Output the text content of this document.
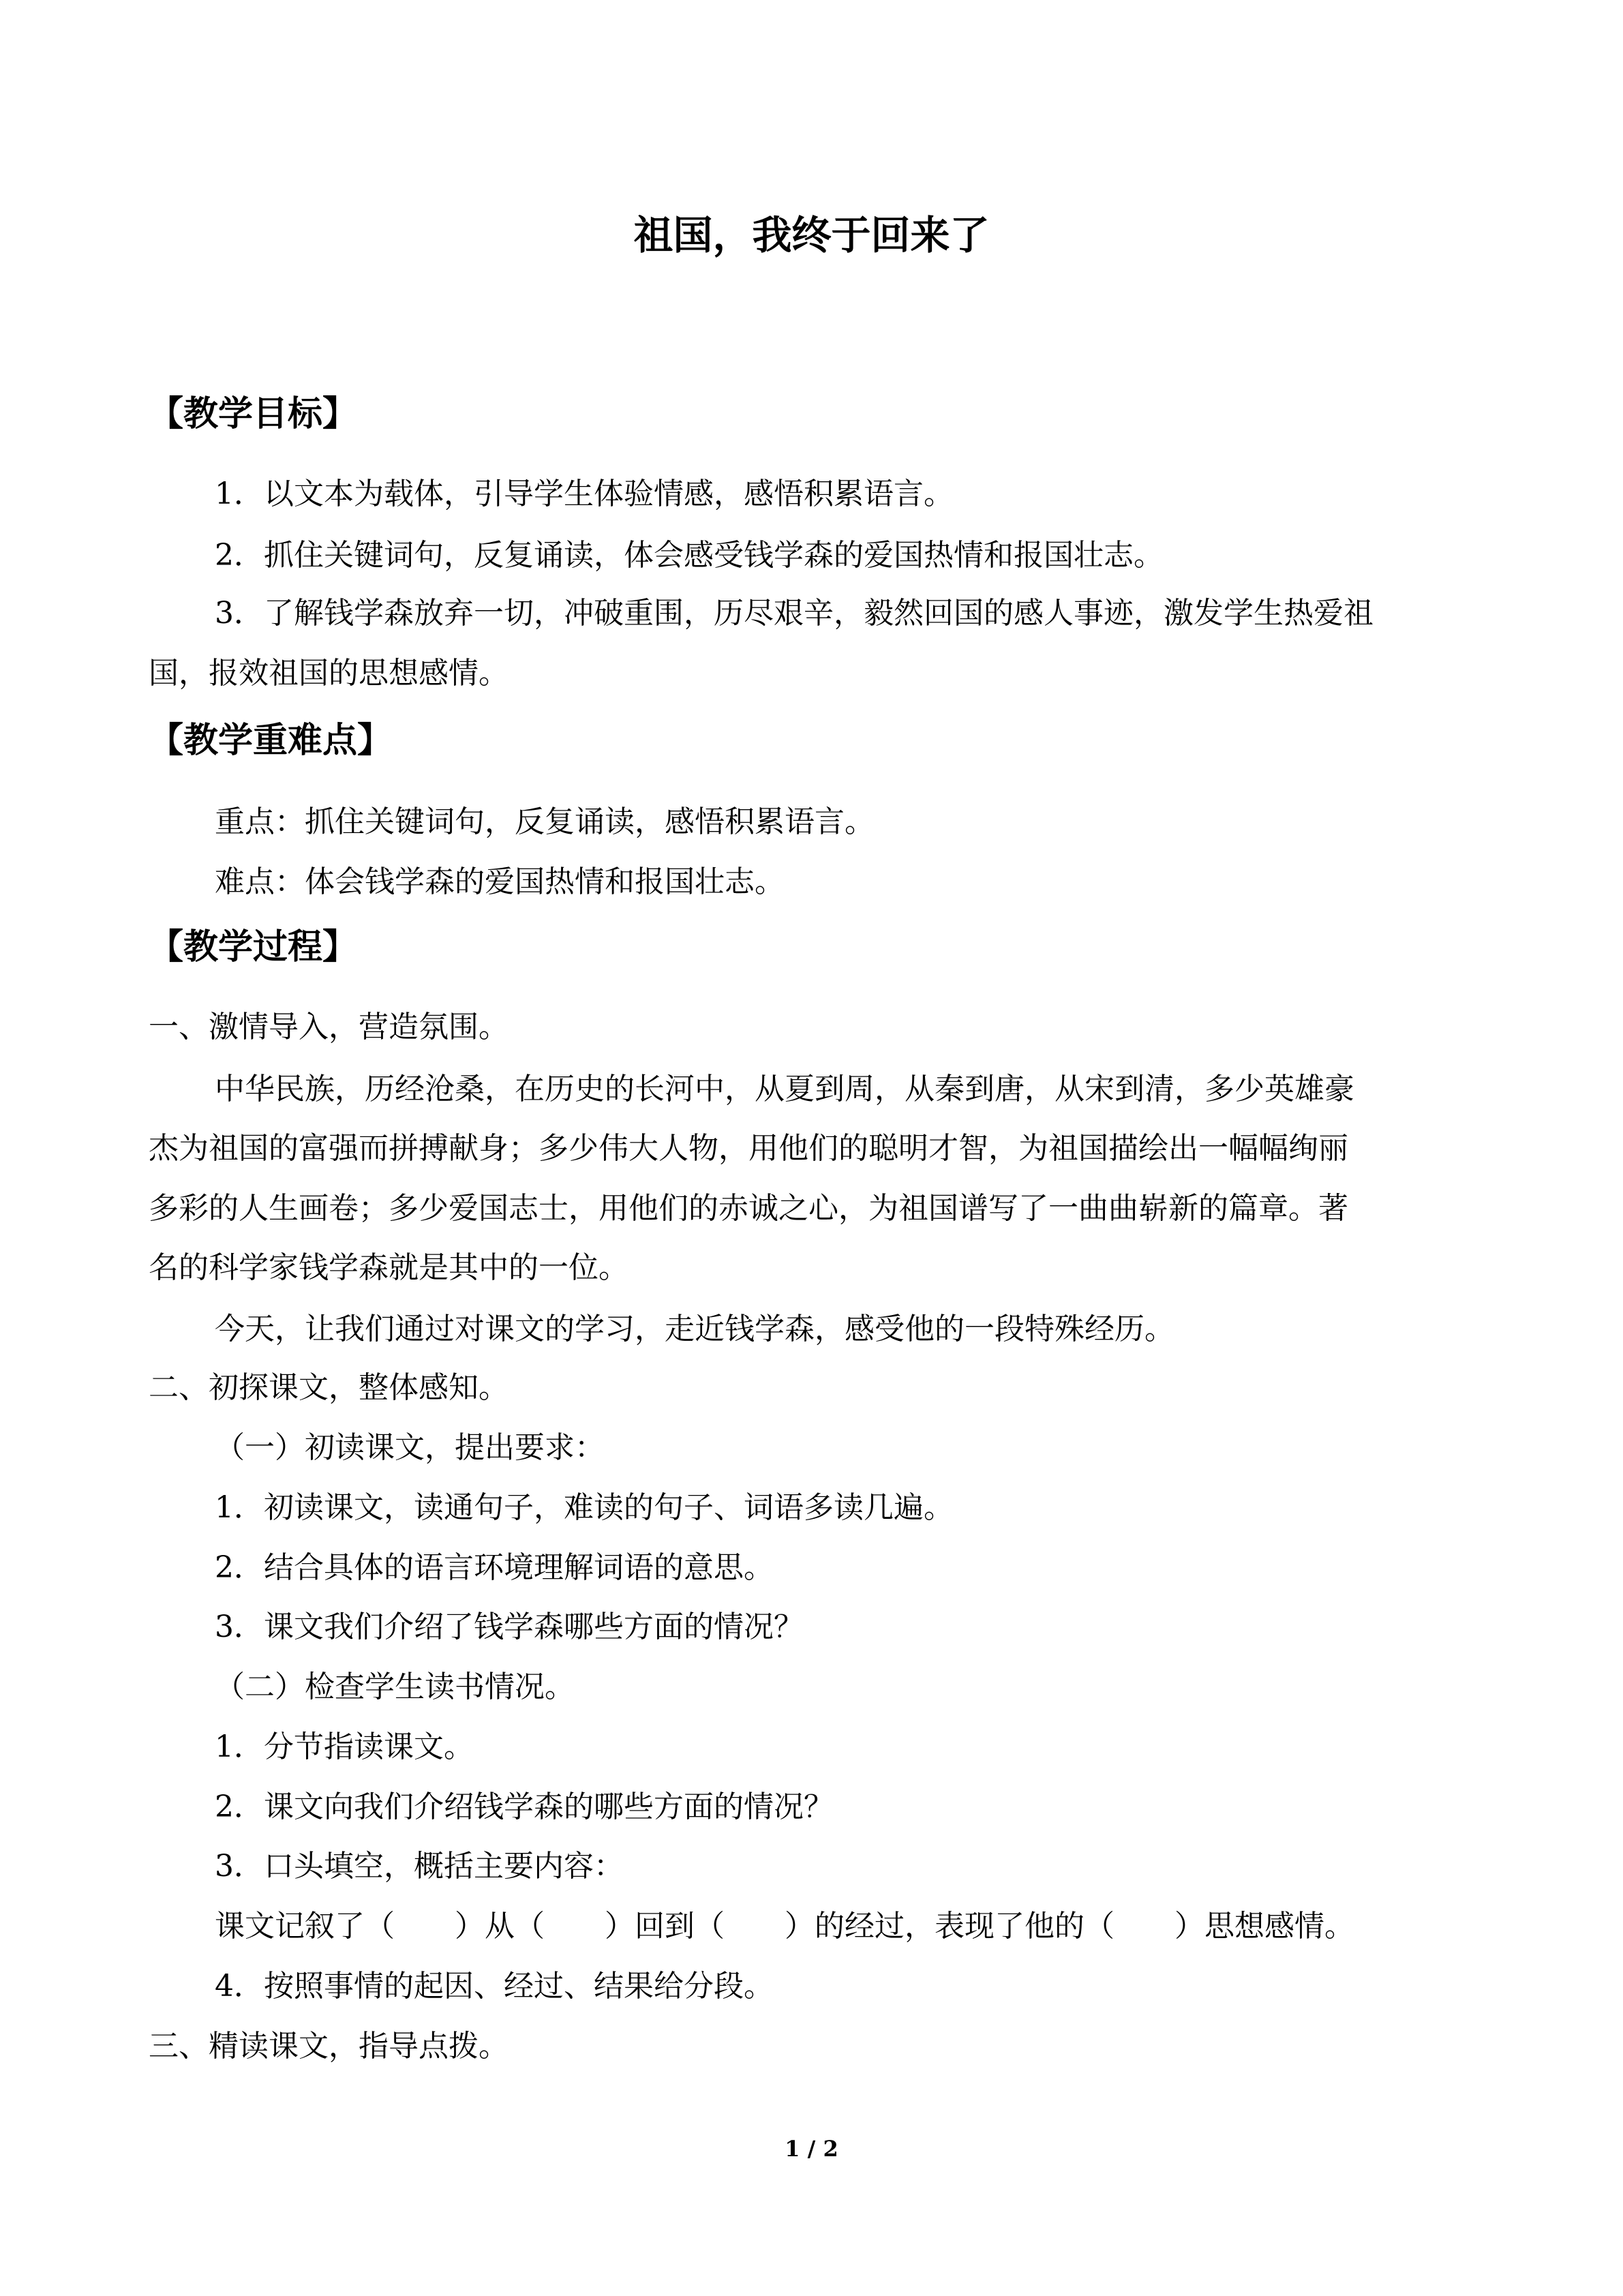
祖国，我终于回来了
【教学目标】
1．以文本为载体，引导学生体验情感，感悟积累语言。
2．抓住关键词句，反复诵读，体会感受钱学森的爱国热情和报国壮志。
3．了解钱学森放弃一切，冲破重围，历尽艰辛，毅然回国的感人事迹，激发学生热爱祖
国，报效祖国的思想感情。
【教学重难点】
重点：抓住关键词句，反复诵读，感悟积累语言。
难点：体会钱学森的爱国热情和报国壮志。
【教学过程】
一、激情导入，营造氛围。
中华民族，历经沧桑，在历史的长河中，从夏到周，从秦到唐，从宋到清，多少英雄豪
杰为祖国的富强而拼搏献身；多少伟大人物，用他们的聪明才智，为祖国描绘出一幅幅绚丽
多彩的人生画卷；多少爱国志士，用他们的赤诚之心，为祖国谱写了一曲曲崭新的篇章。著
名的科学家钱学森就是其中的一位。
今天，让我们通过对课文的学习，走近钱学森，感受他的一段特殊经历。
二、初探课文，整体感知。
（一）初读课文，提出要求：
1．初读课文，读通句子，难读的句子、词语多读几遍。
2．结合具体的语言环境理解词语的意思。
3．课文我们介绍了钱学森哪些方面的情况？
（二）检查学生读书情况。
1．分节指读课文。
2．课文向我们介绍钱学森的哪些方面的情况？
3．口头填空，概括主要内容：
课文记叙了（　　）从（　　）回到（　　）的经过，表现了他的（　　）思想感情。
4．按照事情的起因、经过、结果给分段。
三、精读课文，指导点拨。
1 / 2
